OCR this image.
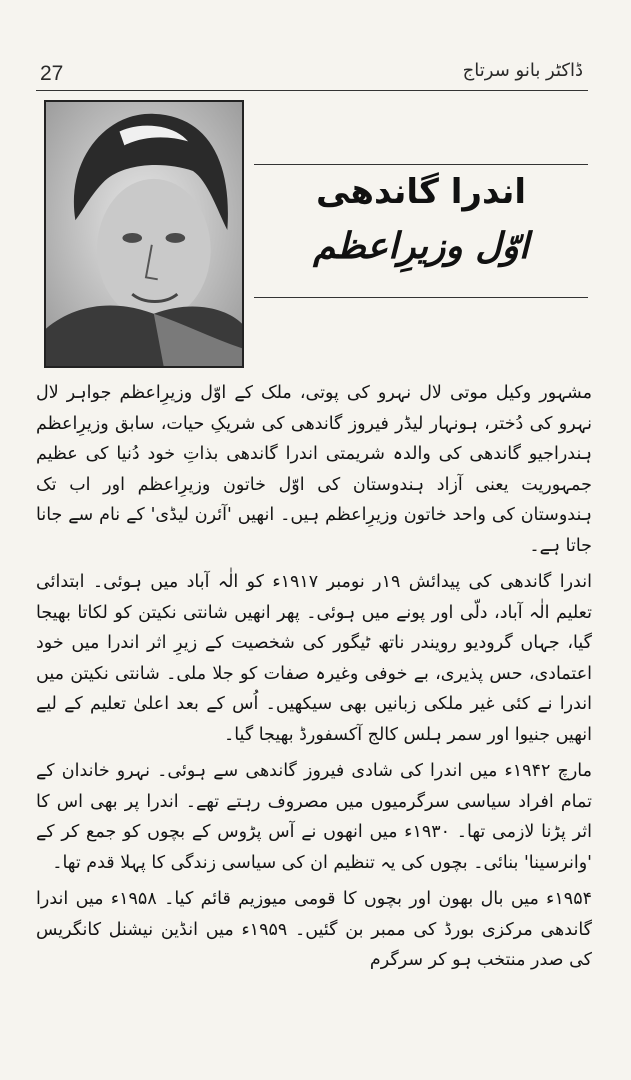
27	ڈاکٹر بانو سرتاج
اندرا گاندھی
اوّل وزیرِاعظم

مشہور وکیل موتی لال نہرو کی پوتی، ملک کے اوّل وزیرِاعظم جواہر لال نہرو کی دُختر، ہونہار لیڈر فیروز گاندھی کی شریکِ حیات، سابق وزیرِاعظم ہندراجیو گاندھی کی والدہ شریمتی اندرا گاندھی بذاتِ خود دُنیا کی عظیم جمہوریت یعنی آزاد ہندوستان کی اوّل خاتون وزیرِاعظم اور اب تک ہندوستان کی واحد خاتون وزیرِاعظم ہیں۔ انھیں 'آئرن لیڈی' کے نام سے جانا جاتا ہے۔

اندرا گاندھی کی پیدائش ۱۹ر نومبر ۱۹۱۷ء کو الٰہ آباد میں ہوئی۔ ابتدائی تعلیم الٰہ آباد، دلّی اور پونے میں ہوئی۔ پھر انھیں شانتی نکیتن کو لکاتا بھیجا گیا، جہاں گرودیو رویندر ناتھ ٹیگور کی شخصیت کے زیرِ اثر اندرا میں خود اعتمادی، حس پذیری، بے خوفی وغیرہ صفات کو جلا ملی۔ شانتی نکیتن میں اندرا نے کئی غیر ملکی زبانیں بھی سیکھیں۔ اُس کے بعد اعلیٰ تعلیم کے لیے انھیں جنیوا اور سمر ہلس کالج آکسفورڈ بھیجا گیا۔

مارچ ۱۹۴۲ء میں اندرا کی شادی فیروز گاندھی سے ہوئی۔ نہرو خاندان کے تمام افراد سیاسی سرگرمیوں میں مصروف رہتے تھے۔ اندرا پر بھی اس کا اثر پڑنا لازمی تھا۔ ۱۹۳۰ء میں انھوں نے آس پڑوس کے بچوں کو جمع کر کے 'وانرسینا' بنائی۔ بچوں کی یہ تنظیم ان کی سیاسی زندگی کا پہلا قدم تھا۔

۱۹۵۴ء میں بال بھون اور بچوں کا قومی میوزیم قائم کیا۔ ۱۹۵۸ء میں اندرا گاندھی مرکزی بورڈ کی ممبر بن گئیں۔ ۱۹۵۹ء میں انڈین نیشنل کانگریس کی صدر منتخب ہو کر سرگرم
